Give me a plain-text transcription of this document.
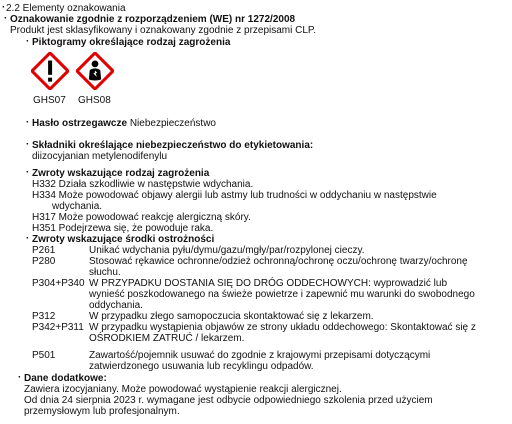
· 2.2 Elementy oznakowania
· Oznakowanie zgodnie z rozporządzeniem (WE) nr 1272/2008
Produkt jest sklasyfikowany i oznakowany zgodnie z przepisami CLP.
· Piktogramy określające rodzaj zagrożenia
GHS07 GHS08
· Hasło ostrzegawcze Niebezpieczeństwo
· Składniki określające niebezpieczeństwo do etykietowania:
diizocyjanian metylenodifenylu
· Zwroty wskazujące rodzaj zagrożenia
H332 Działa szkodliwie w następstwie wdychania.
H334 Może powodować objawy alergii lub astmy lub trudności w oddychaniu w następstwie
wdychania.
H317 Może powodować reakcję alergiczną skóry.
H351 Podejrzewa się, że powoduje raka.
· Zwroty wskazujące środki ostrożności
P261	Unikać wdychania pyłu/dymu/gazu/mgły/par/rozpylonej cieczy.
P280	Stosować rękawice ochronne/odzież ochronną/ochronę oczu/ochronę twarzy/ochronę
słuchu.
P304+P340 W PRZYPADKU DOSTANIA SIĘ DO DRÓG ODDECHOWYCH: wyprowadzić lub
wynieść poszkodowanego na świeże powietrze i zapewnić mu warunki do swobodnego
oddychania.
P312	W przypadku złego samopoczucia skontaktować się z lekarzem.
P342+P311 W przypadku wystąpienia objawów ze strony układu oddechowego: Skontaktować się z
OŚRODKIEM ZATRUĆ / lekarzem.
P501	Zawartość/pojemnik usuwać do zgodnie z krajowymi przepisami dotyczącymi
zatwierdzonego usuwania lub recyklingu odpadów.
· Dane dodatkowe:
Zawiera izocyjaniany. Może powodować wystąpienie reakcji alergicznej.
Od dnia 24 sierpnia 2023 r. wymagane jest odbycie odpowiedniego szkolenia przed użyciem
przemysłowym lub profesjonalnym.
